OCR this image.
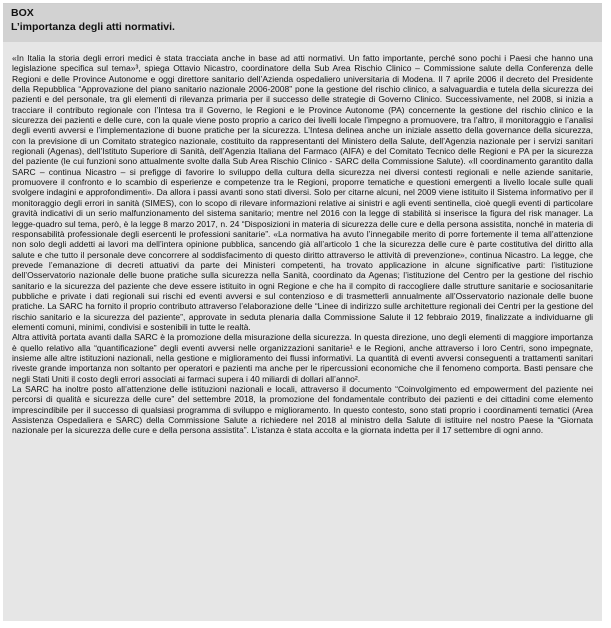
BOX
L’importanza degli atti normativi.

«In Italia la storia degli errori medici è stata tracciata anche in base ad atti normativi. Un fatto importante, perché sono pochi i Paesi che hanno una legislazione specifica sul tema»³, spiega Ottavio Nicastro, coordinatore della Sub Area Rischio Clinico – Commissione salute della Conferenza delle Regioni e delle Province Autonome e oggi direttore sanitario dell’Azienda ospedaliero universitaria di Modena. Il 7 aprile 2006 il decreto del Presidente della Repubblica “Approvazione del piano sanitario nazionale 2006-2008” pone la gestione del rischio clinico, a salvaguardia e tutela della sicurezza dei pazienti e del personale, tra gli elementi di rilevanza primaria per il successo delle strategie di Governo Clinico. Successivamente, nel 2008, si inizia a tracciare il contributo regionale con l’Intesa tra il Governo, le Regioni e le Province Autonome (PA) concernente la gestione del rischio clinico e la sicurezza dei pazienti e delle cure, con la quale viene posto proprio a carico dei livelli locale l’impegno a promuovere, tra l’altro, il monitoraggio e l’analisi degli eventi avversi e l’implementazione di buone pratiche per la sicurezza. L’Intesa delinea anche un iniziale assetto della governance della sicurezza, con la previsione di un Comitato strategico nazionale, costituito da rappresentanti del Ministero della Salute, dell’Agenzia nazionale per i servizi sanitari regionali (Agenas), dell’Istituto Superiore di Sanità, dell’Agenzia Italiana del Farmaco (AIFA) e del Comitato Tecnico delle Regioni e PA per la sicurezza del paziente (le cui funzioni sono attualmente svolte dalla Sub Area Rischio Clinico - SARC della Commissione Salute). «Il coordinamento garantito dalla SARC – continua Nicastro – si prefigge di favorire lo sviluppo della cultura della sicurezza nei diversi contesti regionali e nelle aziende sanitarie, promuovere il confronto e lo scambio di esperienze e competenze tra le Regioni, proporre tematiche e questioni emergenti a livello locale sulle quali svolgere indagini e approfondimenti». Da allora i passi avanti sono stati diversi. Solo per citarne alcuni, nel 2009 viene istituito il Sistema informativo per il monitoraggio degli errori in sanità (SIMES), con lo scopo di rilevare informazioni relative ai sinistri e agli eventi sentinella, cioè quegli eventi di particolare gravità indicativi di un serio malfunzionamento del sistema sanitario; mentre nel 2016 con la legge di stabilità si inserisce la figura del risk manager. La legge-quadro sul tema, però, è la legge 8 marzo 2017, n. 24 “Disposizioni in materia di sicurezza delle cure e della persona assistita, nonché in materia di responsabilità professionale degli esercenti le professioni sanitarie”. «La normativa ha avuto l’innegabile merito di porre fortemente il tema all’attenzione non solo degli addetti ai lavori ma dell’intera opinione pubblica, sancendo già all’articolo 1 che la sicurezza delle cure è parte costitutiva del diritto alla salute e che tutto il personale deve concorrere al soddisfacimento di questo diritto attraverso le attività di prevenzione», continua Nicastro. La legge, che prevede l’emanazione di decreti attuativi da parte dei Ministeri competenti, ha trovato applicazione in alcune significative parti: l’istituzione dell’Osservatorio nazionale delle buone pratiche sulla sicurezza nella Sanità, coordinato da Agenas; l’istituzione del Centro per la gestione del rischio sanitario e la sicurezza del paziente che deve essere istituito in ogni Regione e che ha il compito di raccogliere dalle strutture sanitarie e sociosanitarie pubbliche e private i dati regionali sui rischi ed eventi avversi e sul contenzioso e di trasmetterli annualmente all’Osservatorio nazionale delle buone pratiche. La SARC ha fornito il proprio contributo attraverso l’elaborazione delle “Linee di indirizzo sulle architetture regionali dei Centri per la gestione del rischio sanitario e la sicurezza del paziente”, approvate in seduta plenaria dalla Commissione Salute il 12 febbraio 2019, finalizzate a individuarne gli elementi comuni, minimi, condivisi e sostenibili in tutte le realtà.

Altra attività portata avanti dalla SARC è la promozione della misurazione della sicurezza. In questa direzione, uno degli elementi di maggiore importanza è quello relativo alla “quantificazione” degli eventi avversi nelle organizzazioni sanitarie¹ e le Regioni, anche attraverso i loro Centri, sono impegnate, insieme alle altre istituzioni nazionali, nella gestione e miglioramento dei flussi informativi. La quantità di eventi avversi conseguenti a trattamenti sanitari riveste grande importanza non soltanto per operatori e pazienti ma anche per le ripercussioni economiche che il fenomeno comporta. Basti pensare che negli Stati Uniti il costo degli errori associati ai farmaci supera i 40 miliardi di dollari all’anno².

La SARC ha inoltre posto all’attenzione delle istituzioni nazionali e locali, attraverso il documento “Coinvolgimento ed empowerment del paziente nei percorsi di qualità e sicurezza delle cure” del settembre 2018, la promozione del fondamentale contributo dei pazienti e dei cittadini come elemento imprescindibile per il successo di qualsiasi programma di sviluppo e miglioramento. In questo contesto, sono stati proprio i coordinamenti tematici (Area Assistenza Ospedaliera e SARC) della Commissione Salute a richiedere nel 2018 al ministro della Salute di istituire nel nostro Paese la “Giornata nazionale per la sicurezza delle cure e della persona assistita”. L’istanza è stata accolta e la giornata indetta per il 17 settembre di ogni anno.
